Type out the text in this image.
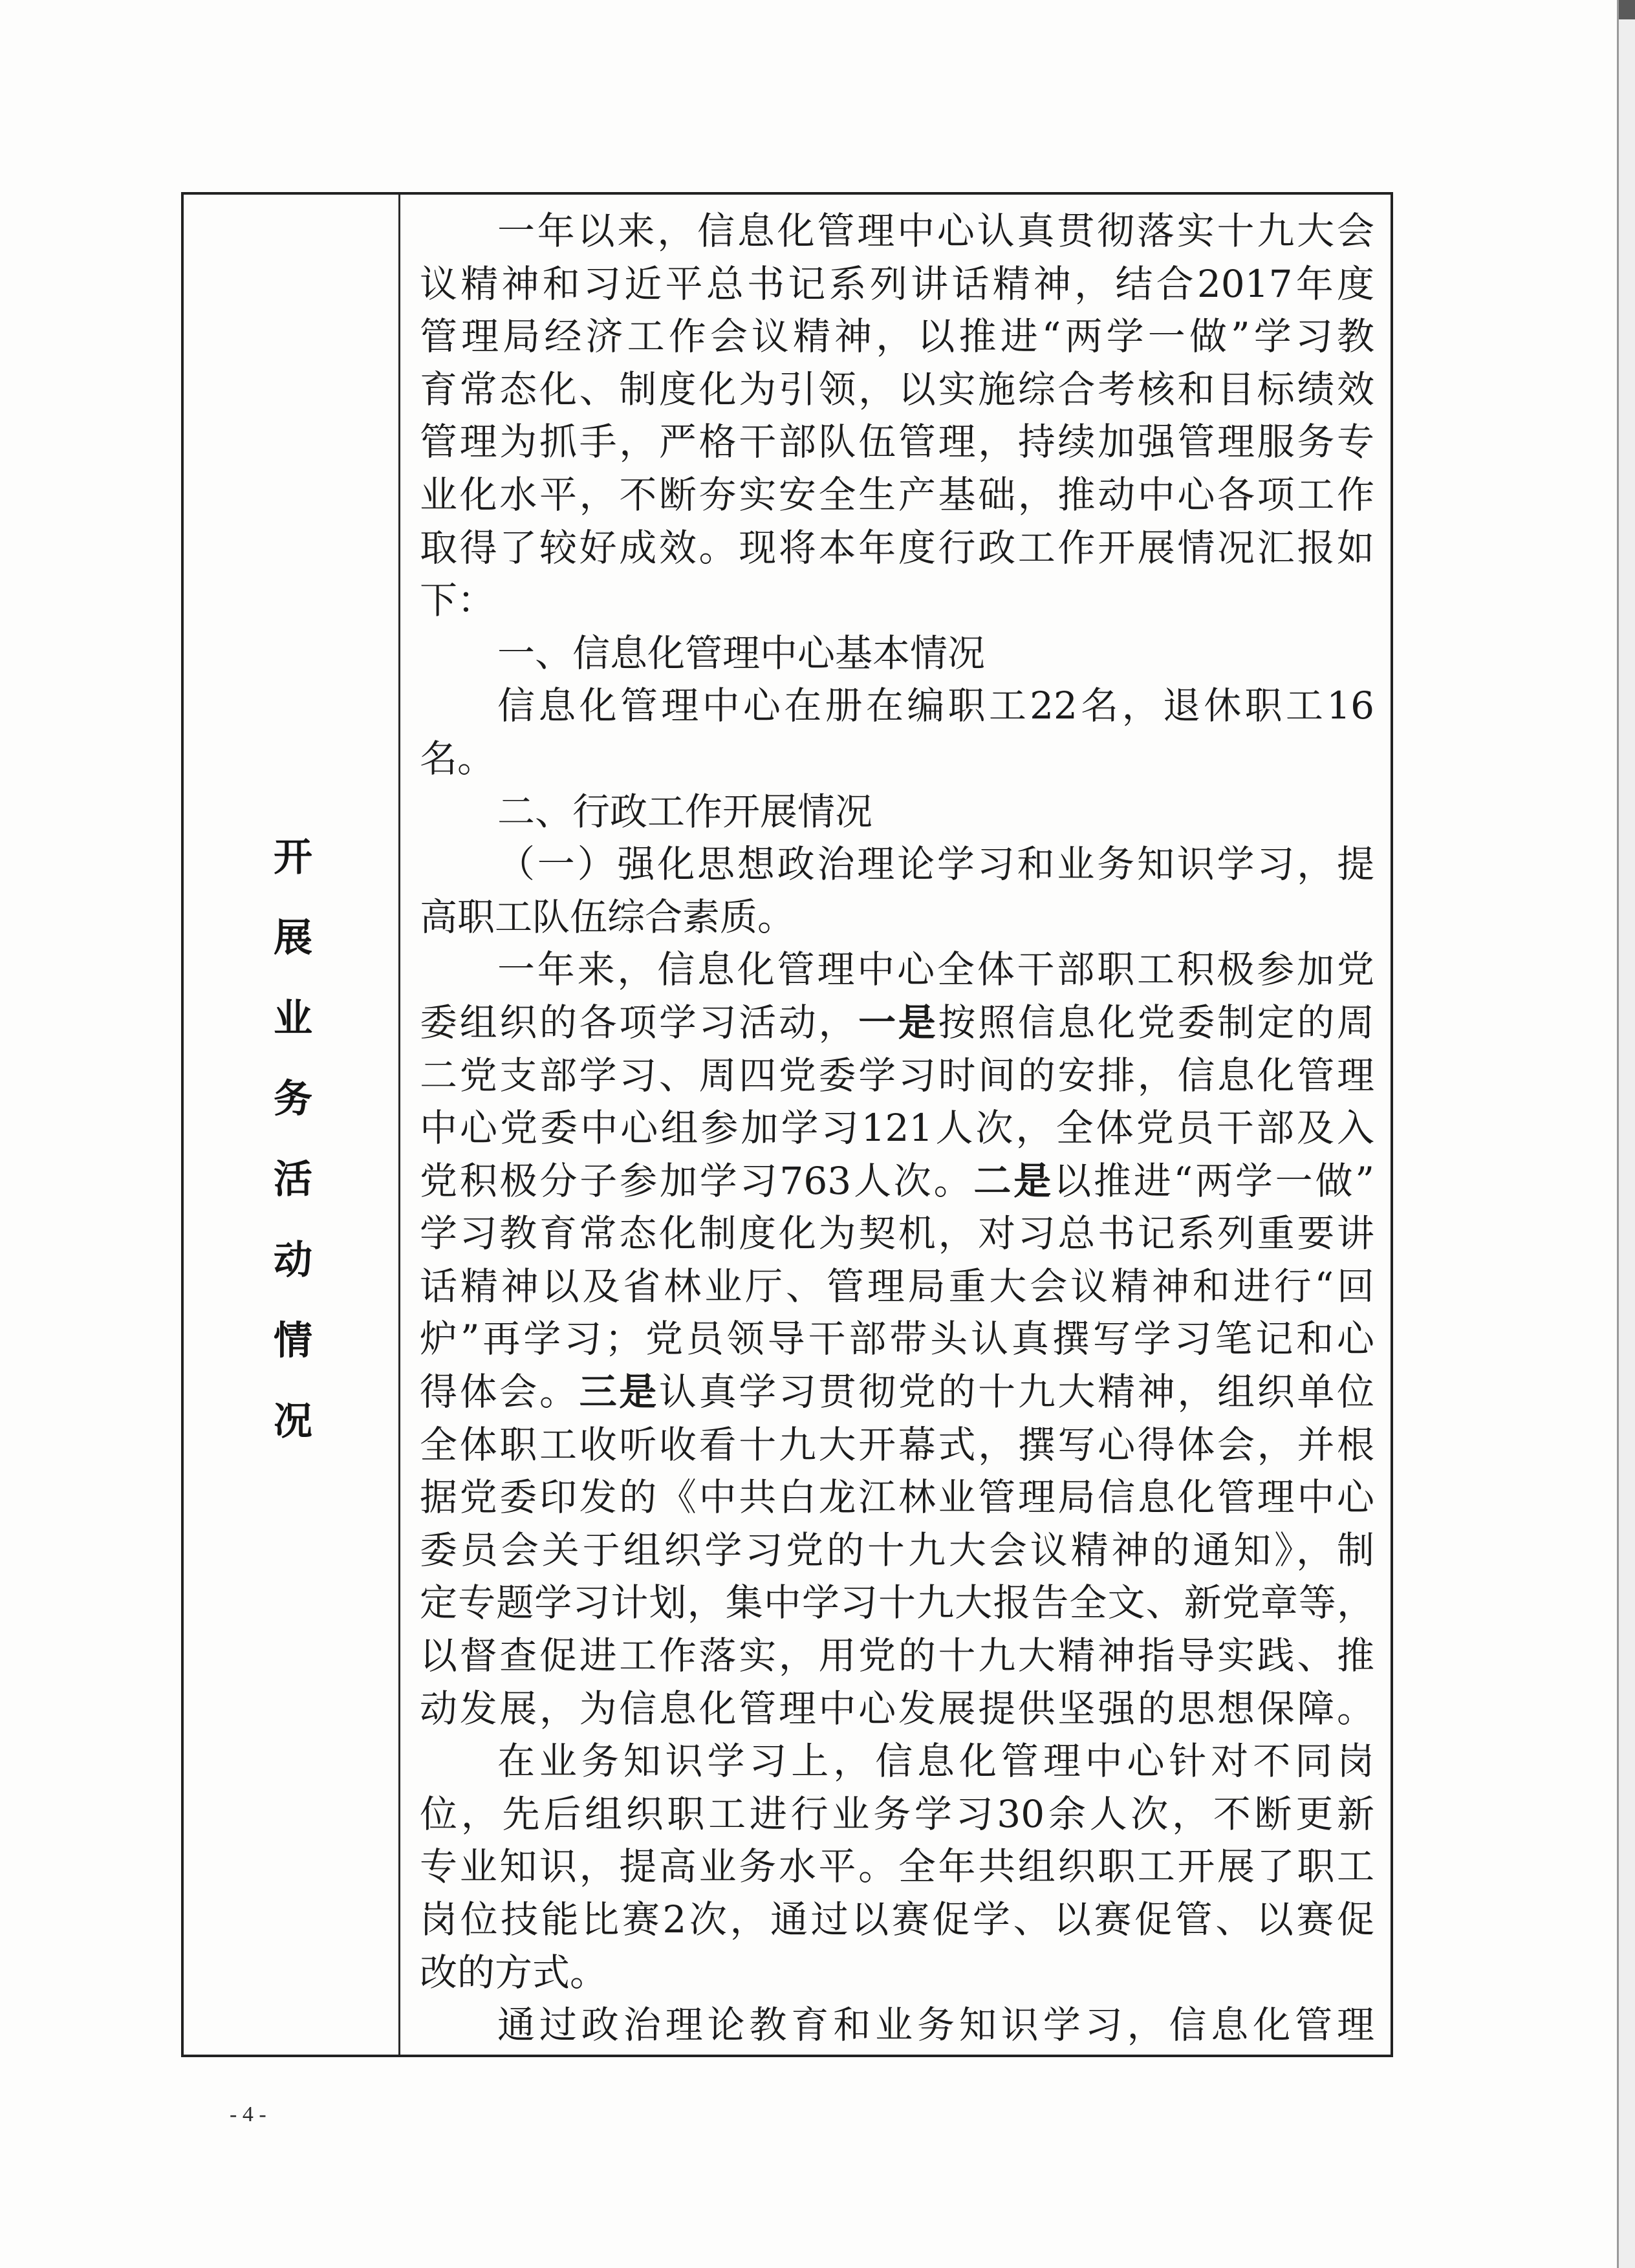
开展业务活动情况
一年以来，信息化管理中心认真贯彻落实十九大会
议精神和习近平总书记系列讲话精神，结合2017年度
管理局经济工作会议精神，以推进“两学一做”学习教
育常态化、制度化为引领，以实施综合考核和目标绩效
管理为抓手，严格干部队伍管理，持续加强管理服务专
业化水平，不断夯实安全生产基础，推动中心各项工作
取得了较好成效。现将本年度行政工作开展情况汇报如
下：
一、信息化管理中心基本情况
信息化管理中心在册在编职工22名，退休职工16
名。
二、行政工作开展情况
（一）强化思想政治理论学习和业务知识学习，提
高职工队伍综合素质。
一年来，信息化管理中心全体干部职工积极参加党
委组织的各项学习活动，一是按照信息化党委制定的周
二党支部学习、周四党委学习时间的安排，信息化管理
中心党委中心组参加学习121人次，全体党员干部及入
党积极分子参加学习763人次。二是以推进“两学一做”
学习教育常态化制度化为契机，对习总书记系列重要讲
话精神以及省林业厅、管理局重大会议精神和进行“回
炉”再学习；党员领导干部带头认真撰写学习笔记和心
得体会。三是认真学习贯彻党的十九大精神，组织单位
全体职工收听收看十九大开幕式，撰写心得体会，并根
据党委印发的《中共白龙江林业管理局信息化管理中心
委员会关于组织学习党的十九大会议精神的通知》，制
定专题学习计划，集中学习十九大报告全文、新党章等，
以督查促进工作落实，用党的十九大精神指导实践、推
动发展，为信息化管理中心发展提供坚强的思想保障。
在业务知识学习上，信息化管理中心针对不同岗
位，先后组织职工进行业务学习30余人次，不断更新
专业知识，提高业务水平。全年共组织职工开展了职工
岗位技能比赛2次，通过以赛促学、以赛促管、以赛促
改的方式。
通过政治理论教育和业务知识学习，信息化管理
- 4 -
